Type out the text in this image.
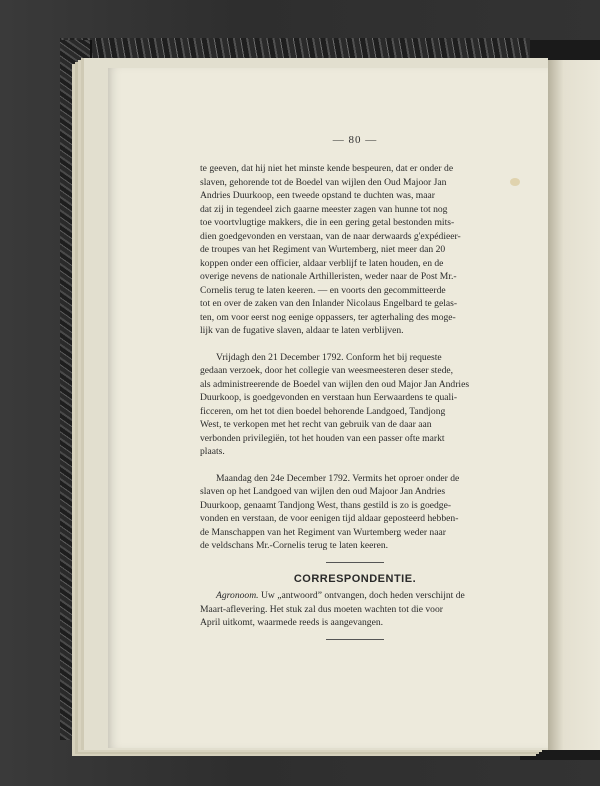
— 80 —
te geeven, dat hij niet het minste kende bespeuren, dat er onder de
slaven, gehorende tot de Boedel van wijlen den Oud Majoor Jan
Andries Duurkoop, een tweede opstand te duchten was, maar
dat zij in tegendeel zich gaarne meester zagen van hunne tot nog
toe voortvlugtige makkers, die in een gering getal bestonden mits-
dien goedgevonden en verstaan, van de naar derwaards g'expédieer-
de troupes van het Regiment van Wurtemberg, niet meer dan 20
koppen onder een officier, aldaar verblijf te laten houden, en de
overige nevens de nationale Arthilleristen, weder naar de Post Mr.-
Cornelis terug te laten keeren. — en voorts den gecommitteerde
tot en over de zaken van den Inlander Nicolaus Engelbard te gelas-
ten, om voor eerst nog eenige oppassers, ter agterhaling des moge-
lijk van de fugative slaven, aldaar te laten verblijven.
Vrijdagh den 21 December 1792. Conform het bij requeste
gedaan verzoek, door het collegie van weesmeesteren deser stede,
als administreerende de Boedel van wijlen den oud Major Jan Andries
Duurkoop, is goedgevonden en verstaan hun Eerwaardens te quali-
ficceren, om het tot dien boedel behorende Landgoed, Tandjong
West, te verkopen met het recht van gebruik van de daar aan
verbonden privilegiën, tot het houden van een passer ofte markt
plaats.
Maandag den 24e December 1792. Vermits het oproer onder de
slaven op het Landgoed van wijlen den oud Majoor Jan Andries
Duurkoop, genaamt Tandjong West, thans gestild is zo is goedge-
vonden en verstaan, de voor eenigen tijd aldaar geposteerd hebben-
de Manschappen van het Regiment van Wurtemberg weder naar
de veldschans Mr.-Cornelis terug te laten keeren.
CORRESPONDENTIE.
Agronoom. Uw „antwoord” ontvangen, doch heden verschijnt de
Maart-aflevering. Het stuk zal dus moeten wachten tot die voor
April uitkomt, waarmede reeds is aangevangen.
